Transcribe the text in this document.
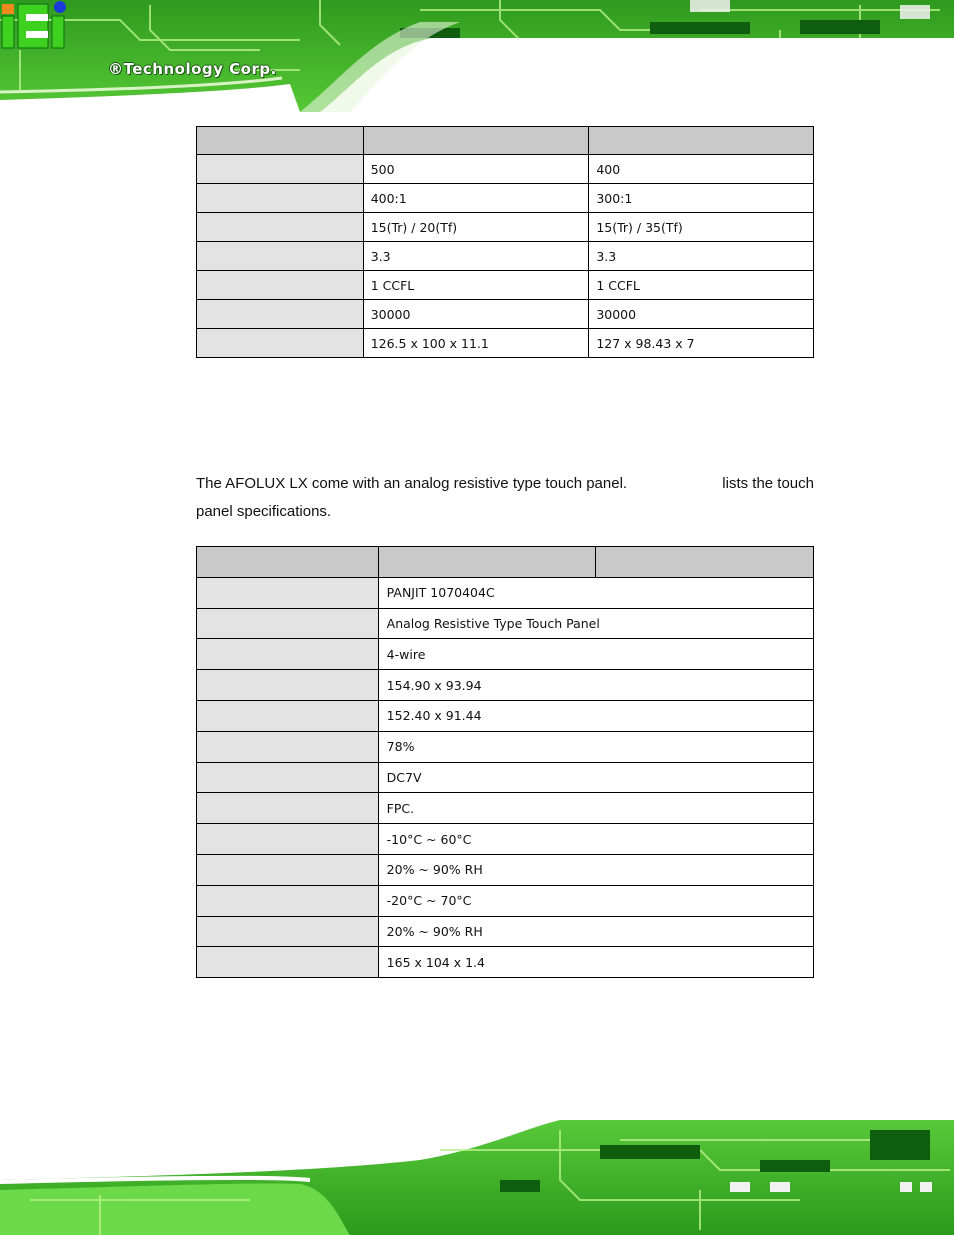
®Technology Corp.

	500	400
	400:1	300:1
	15(Tr) / 20(Tf)	15(Tr) / 35(Tf)
	3.3	3.3
	1 CCFL	1 CCFL
	30000	30000
	126.5 x 100 x 11.1	127 x 98.43 x 7
The AFOLUX LX come with an analog resistive type touch panel.	lists the touch
panel specifications.

	PANJIT 1070404C	
	Analog Resistive Type Touch Panel	
	4-wire	
	154.90 x 93.94	
	152.40 x 91.44	
	78%	
	DC7V	
	FPC.	
	-10°C ~ 60°C	
	20% ~ 90% RH	
	-20°C ~ 70°C	
	20% ~ 90% RH	
	165 x 104 x 1.4	
